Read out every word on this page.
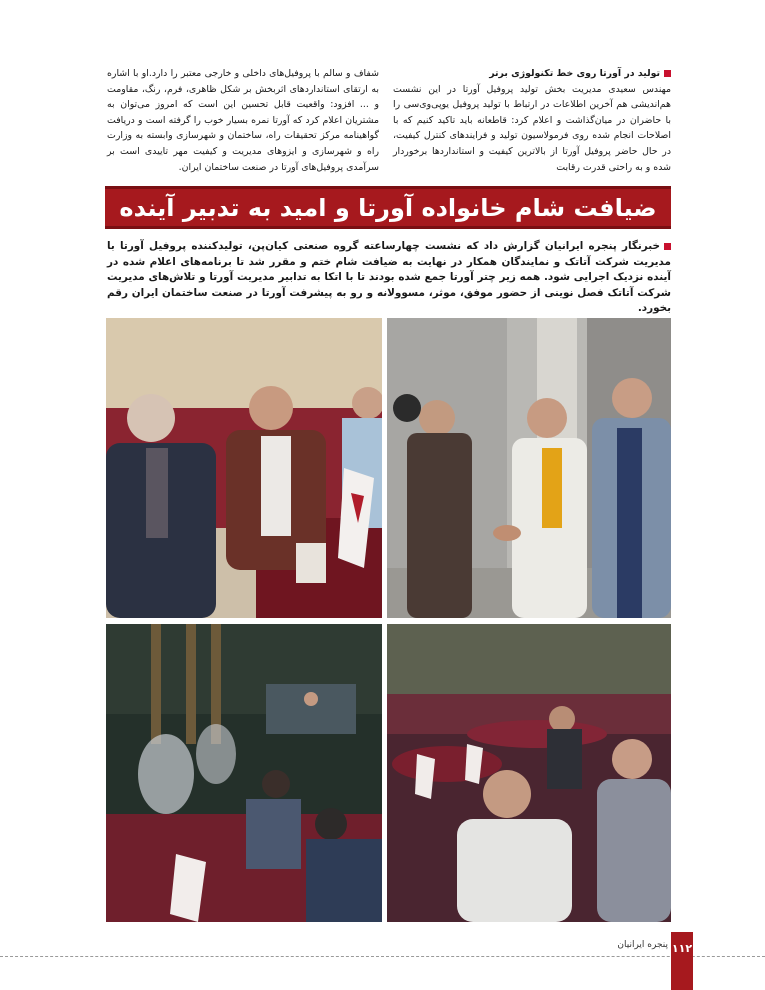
تولید در آورتا روی خط تکنولوژی برتر
مهندس سعیدی مدیریت بخش تولید پروفیل آورتا در این نشست هم‌اندیشی هم آخرین اطلاعات در ارتباط با تولید پروفیل یوپی‌وی‌سی را با حاضران در میان‌گذاشت و اعلام کرد: قاطعانه باید تاکید کنیم که با اصلاحات انجام شده روی فرمولاسیون تولید و فرایندهای کنترل کیفیت، در حال حاضر پروفیل آورتا از بالاترین کیفیت و استانداردها برخوردار شده و به راحتی قدرت رقابت
شفاف و سالم با پروفیل‌های داخلی و خارجی معتبر را دارد.او با اشاره به ارتقای استانداردهای اثربخش بر شکل ظاهری، فرم، رنگ، مقاومت و ... افزود: واقعیت قابل تحسین این است که امروز می‌توان به مشتریان اعلام کرد که آورتا نمره بسیار خوب را گرفته است و دریافت گواهینامه مرکز تحقیقات راه، ساختمان و شهرسازی وابسته به وزارت راه و شهرسازی و ایزوهای مدیریت و کیفیت مهر تاییدی است بر سرآمدی پروفیل‌های آورتا در صنعت ساختمان ایران.
ضیافت شام خانواده آورتا و امید به تدبیر آینده
خبرنگار پنجره ایرانیان گزارش داد که نشست چهارساعته گروه صنعتی کیان‌پن، تولیدکننده پروفیل آورتا با مدیریت شرکت آتاتک و نمایندگان همکار در نهایت به ضیافت شام ختم و مقرر شد تا برنامه‌های اعلام شده در آینده نزدیک اجرایی شود. همه زیر چتر آورتا جمع شده بودند تا با اتکا به تدابیر مدیریت آورتا و تلاش‌های مدیریت شرکت آتاتک فصل نوینی از حضور موفق، موثر، مسوولانه و رو به پیشرفت آورتا در صنعت ساختمان ایران رقم بخورد.
پنجره ایرانیان ۱۱۲
